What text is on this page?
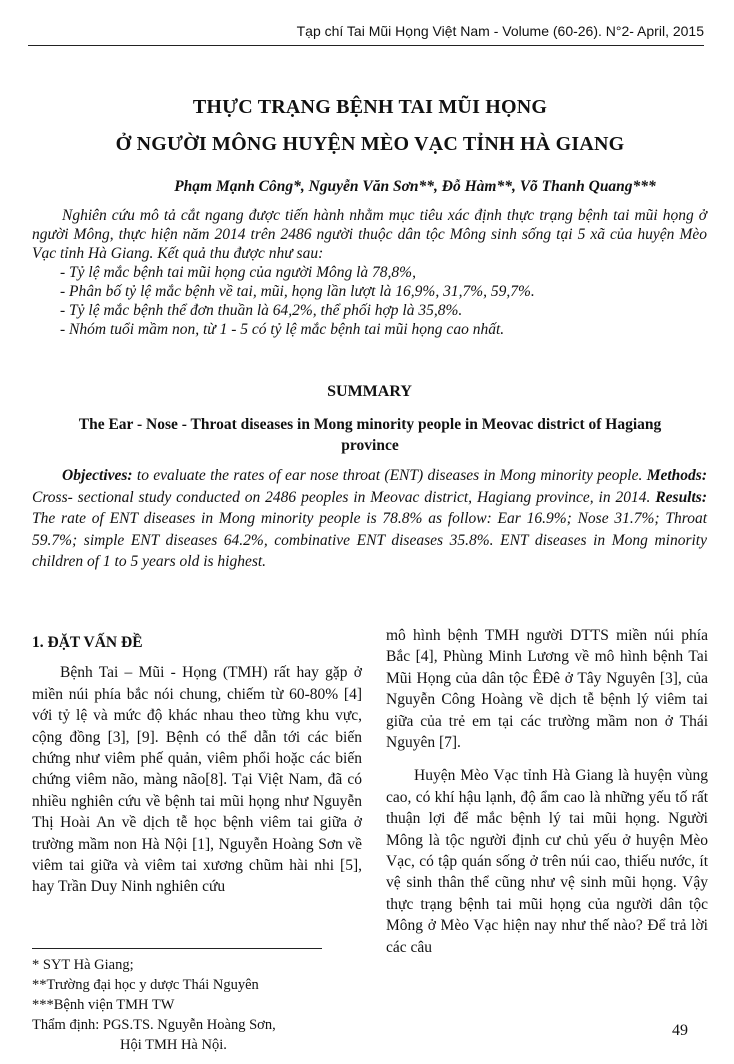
Tạp chí Tai Mũi Họng Việt Nam - Volume (60-26). N°2- April, 2015
THỰC TRẠNG BỆNH TAI MŨI HỌNG
Ở NGƯỜI MÔNG HUYỆN MÈO VẠC TỈNH HÀ GIANG
Phạm Mạnh Công*, Nguyễn Văn Sơn**, Đỗ Hàm**, Võ Thanh Quang***

Nghiên cứu mô tả cắt ngang được tiến hành nhằm mục tiêu xác định thực trạng bệnh tai mũi họng ở người Mông, thực hiện năm 2014 trên 2486 người thuộc dân tộc Mông sinh sống tại 5 xã của huyện Mèo Vạc tỉnh Hà Giang. Kết quả thu được như sau:

- Tỷ lệ mắc bệnh tai mũi họng của người Mông là 78,8%,
- Phân bố tỷ lệ mắc bệnh về tai, mũi, họng lần lượt là 16,9%, 31,7%, 59,7%.
- Tỷ lệ mắc bệnh thể đơn thuần là 64,2%, thể phối hợp là 35,8%.
- Nhóm tuổi mầm non, từ 1 - 5 có tỷ lệ mắc bệnh tai mũi họng cao nhất.
SUMMARY
The Ear - Nose - Throat diseases in Mong minority people in Meovac district of Hagiang province

Objectives: to evaluate the rates of ear nose throat (ENT) diseases in Mong minority people. Methods: Cross- sectional study conducted on 2486 peoples in Meovac district, Hagiang province, in 2014. Results: The rate of ENT diseases in Mong minority people is 78.8% as follow: Ear 16.9%; Nose 31.7%; Throat 59.7%; simple ENT diseases 64.2%, combinative ENT diseases 35.8%. ENT diseases in Mong minority children of 1 to 5 years old is highest.

1. ĐẶT VẤN ĐỀ

Bệnh Tai – Mũi - Họng (TMH) rất hay gặp ở miền núi phía bắc nói chung, chiếm từ 60-80% [4] với tỷ lệ và mức độ khác nhau theo từng khu vực, cộng đồng [3], [9]. Bệnh có thể dẫn tới các biến chứng như viêm phế quản, viêm phổi hoặc các biến chứng viêm não, màng não[8]. Tại Việt Nam, đã có nhiều nghiên cứu về bệnh tai mũi họng như Nguyễn Thị Hoài An về dịch tễ học bệnh viêm tai giữa ở trường mầm non Hà Nội [1], Nguyễn Hoàng Sơn về viêm tai giữa và viêm tai xương chũm hài nhi [5], hay Trần Duy Ninh nghiên cứu

mô hình bệnh TMH người DTTS miền núi phía Bắc [4], Phùng Minh Lương về mô hình bệnh Tai Mũi Họng của dân tộc ÊĐê ở Tây Nguyên [3], của Nguyễn Công Hoàng về dịch tễ bệnh lý viêm tai giữa của trẻ em tại các trường mầm non ở Thái Nguyên [7].

Huyện Mèo Vạc tỉnh Hà Giang là huyện vùng cao, có khí hậu lạnh, độ ẩm cao là những yếu tố rất thuận lợi để mắc bệnh lý tai mũi họng. Người Mông là tộc người định cư chủ yếu ở huyện Mèo Vạc, có tập quán sống ở trên núi cao, thiếu nước, ít vệ sinh thân thể cũng như vệ sinh mũi họng. Vậy thực trạng bệnh tai mũi họng của người dân tộc Mông ở Mèo Vạc hiện nay như thế nào? Để trả lời các câu

* SYT Hà Giang;
**Trường đại học y dược Thái Nguyên
***Bệnh viện TMH TW
Thẩm định: PGS.TS. Nguyễn Hoàng Sơn,
Hội TMH Hà Nội.
49
